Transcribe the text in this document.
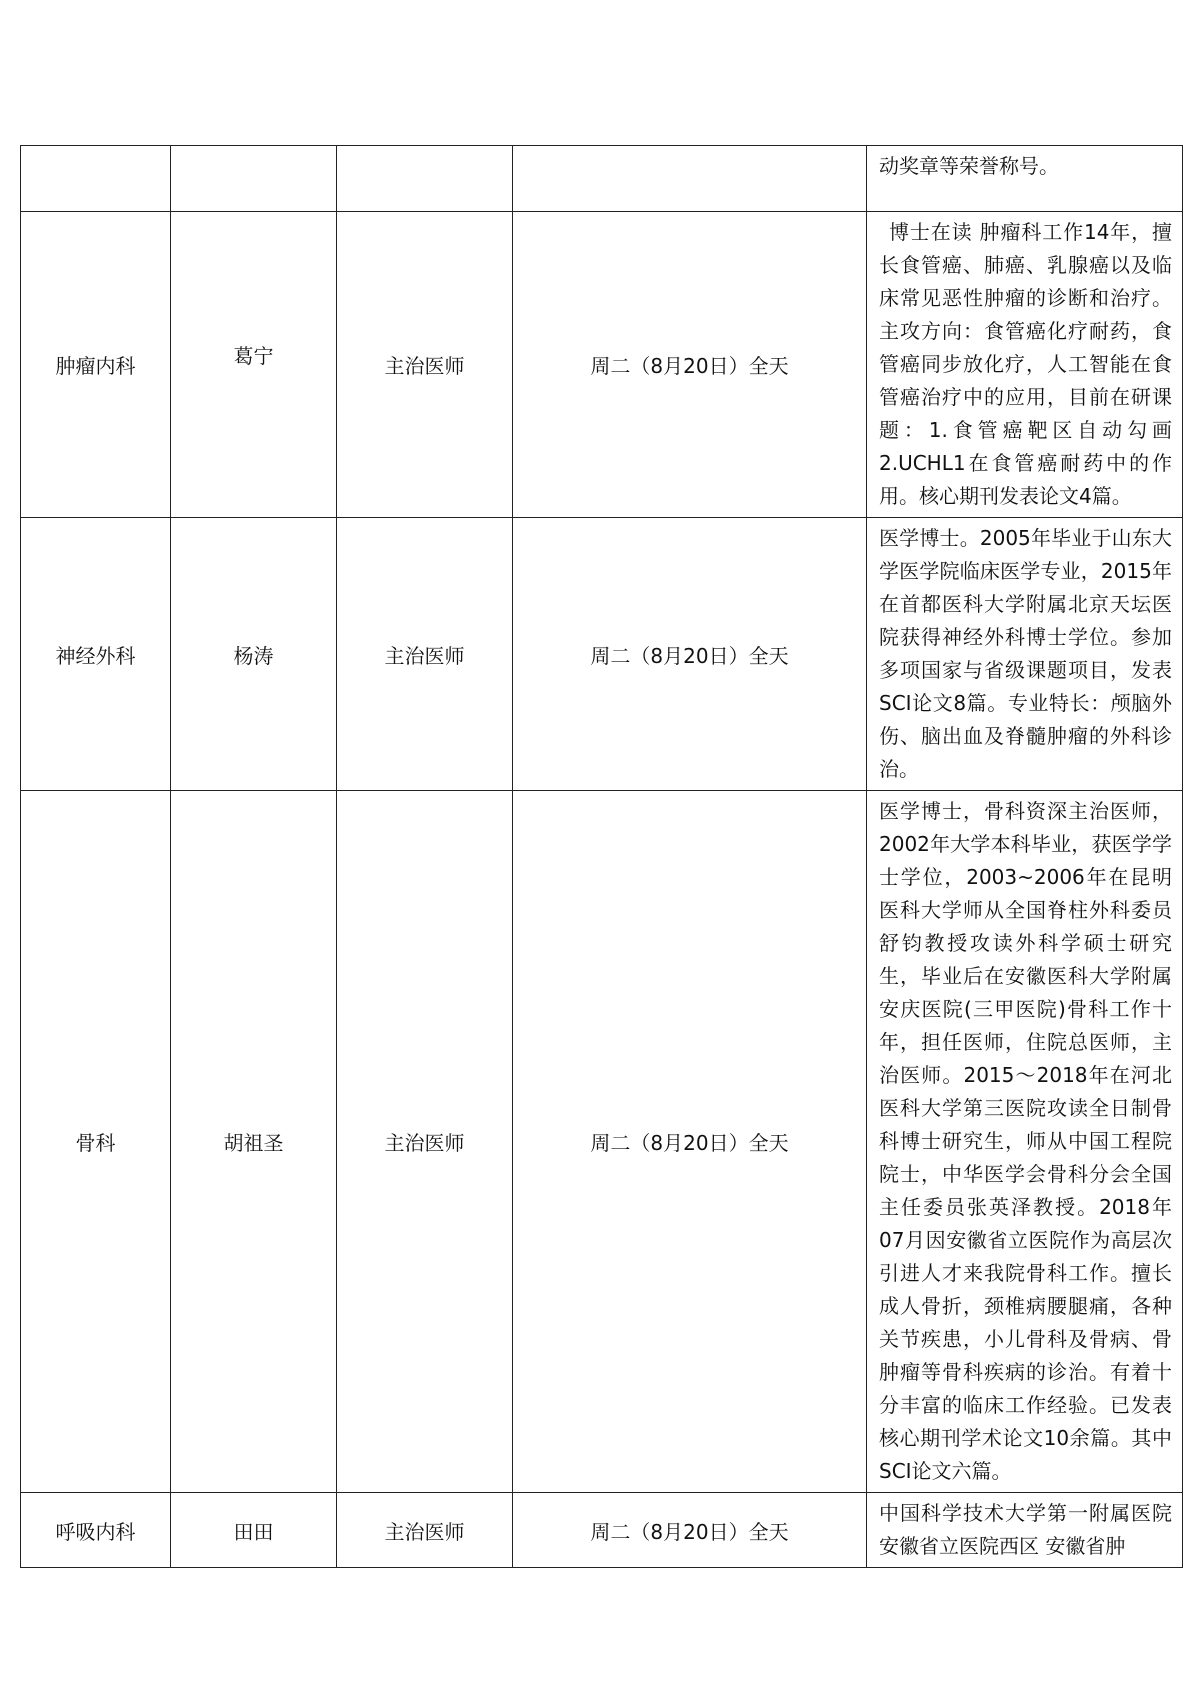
				动奖章等荣誉称号。
肿瘤内科	葛宁	主治医师	周二（8月20日）全天	博士在读 肿瘤科工作14年，擅长食管癌、肺癌、乳腺癌以及临床常见恶性肿瘤的诊断和治疗。主攻方向：食管癌化疗耐药，食管癌同步放化疗，人工智能在食管癌治疗中的应用，目前在研课题：1.食管癌靶区自动勾画 2.UCHL1在食管癌耐药中的作用。核心期刊发表论文4篇。

神经外科	杨涛	主治医师	周二（8月20日）全天	医学博士。2005年毕业于山东大学医学院临床医学专业，2015年在首都医科大学附属北京天坛医院获得神经外科博士学位。参加多项国家与省级课题项目，发表SCI论文8篇。专业特长：颅脑外伤、脑出血及脊髓肿瘤的外科诊治。
骨科	胡祖圣	主治医师	周二（8月20日）全天	医学博士，骨科资深主治医师，2002年大学本科毕业，获医学学士学位，2003~2006年在昆明医科大学师从全国脊柱外科委员舒钧教授攻读外科学硕士研究生，毕业后在安徽医科大学附属安庆医院(三甲医院)骨科工作十年，担任医师，住院总医师，主治医师。2015～2018年在河北医科大学第三医院攻读全日制骨科博士研究生，师从中国工程院院士，中华医学会骨科分会全国主任委员张英泽教授。2018年07月因安徽省立医院作为高层次引进人才来我院骨科工作。擅长成人骨折，颈椎病腰腿痛，各种关节疾患，小儿骨科及骨病、骨肿瘤等骨科疾病的诊治。有着十分丰富的临床工作经验。已发表核心期刊学术论文10余篇。其中SCI论文六篇。
呼吸内科	田田	主治医师	周二（8月20日）全天	中国科学技术大学第一附属医院安徽省立医院西区 安徽省肿
